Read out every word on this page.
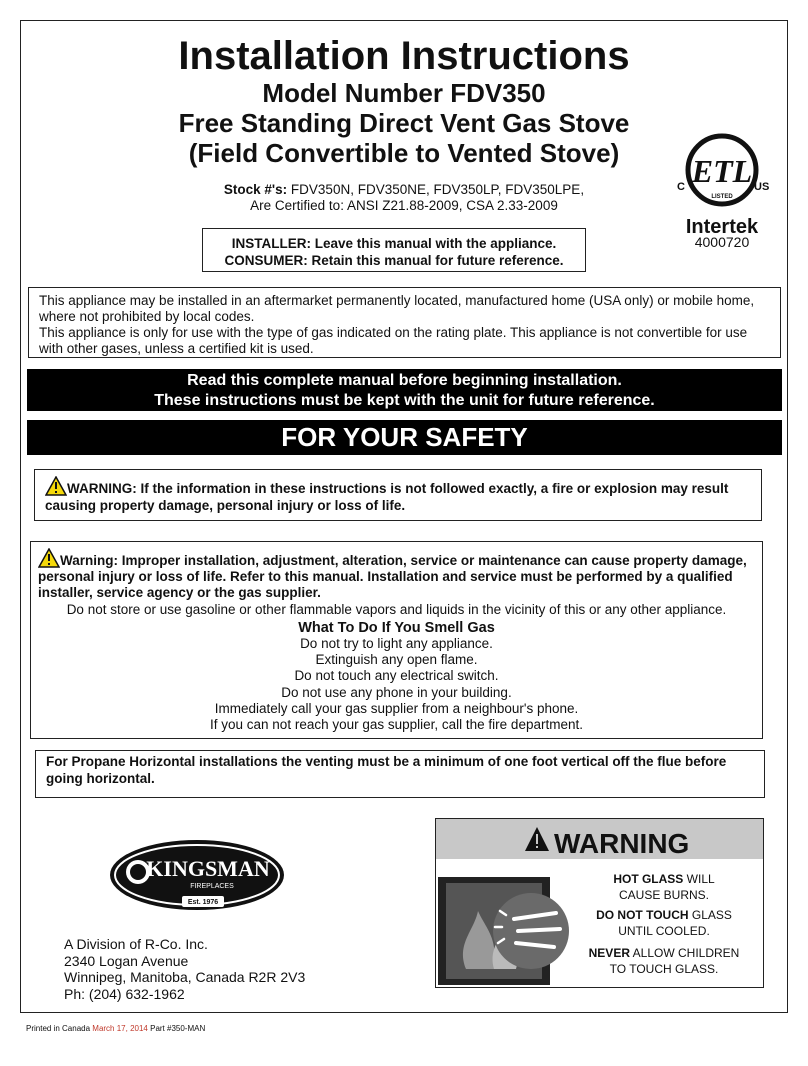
Installation Instructions
Model Number FDV350
Free Standing Direct Vent Gas Stove
(Field Convertible to Vented Stove)
Stock #'s: FDV350N, FDV350NE, FDV350LP, FDV350LPE,
Are Certified to: ANSI Z21.88-2009, CSA 2.33-2009
INSTALLER: Leave this manual with the appliance.
CONSUMER: Retain this manual for future reference.
ETL
C	US
LISTED
Intertek
4000720
This appliance may be installed in an aftermarket permanently located, manufactured home (USA only) or mobile home, where not prohibited by local codes.
This appliance is only for use with the type of gas indicated on the rating plate. This appliance is not convertible for use with other gases, unless a certified kit is used.
Read this complete manual before beginning installation.
These instructions must be kept with the unit for future reference.
FOR YOUR SAFETY
WARNING: If the information in these instructions is not followed exactly, a fire or explosion may result causing property damage, personal injury or loss of life.
Warning: Improper installation, adjustment, alteration, service or maintenance can cause property damage, personal injury or loss of life. Refer to this manual. Installation and service must be performed by a qualified installer, service agency or the gas supplier.
Do not store or use gasoline or other flammable vapors and liquids in the vicinity of this or any other appliance.
What To Do If You Smell Gas
Do not try to light any appliance.
Extinguish any open flame.
Do not touch any electrical switch.
Do not use any phone in your building.
Immediately call your gas supplier from a neighbour's phone.
If you can not reach your gas supplier, call the fire department.
For Propane Horizontal installations the venting must be a minimum of one foot vertical off the flue before going horizontal.
KINGSMAN
FIREPLACES
Est. 1976
A Division of R-Co. Inc.
2340 Logan Avenue
Winnipeg, Manitoba, Canada R2R 2V3
Ph: (204) 632-1962
WARNING
HOT GLASS WILL
CAUSE BURNS.
DO NOT TOUCH GLASS
UNTIL COOLED.
NEVER ALLOW CHILDREN
TO TOUCH GLASS.
Printed in Canada March 17, 2014 Part #350-MAN
